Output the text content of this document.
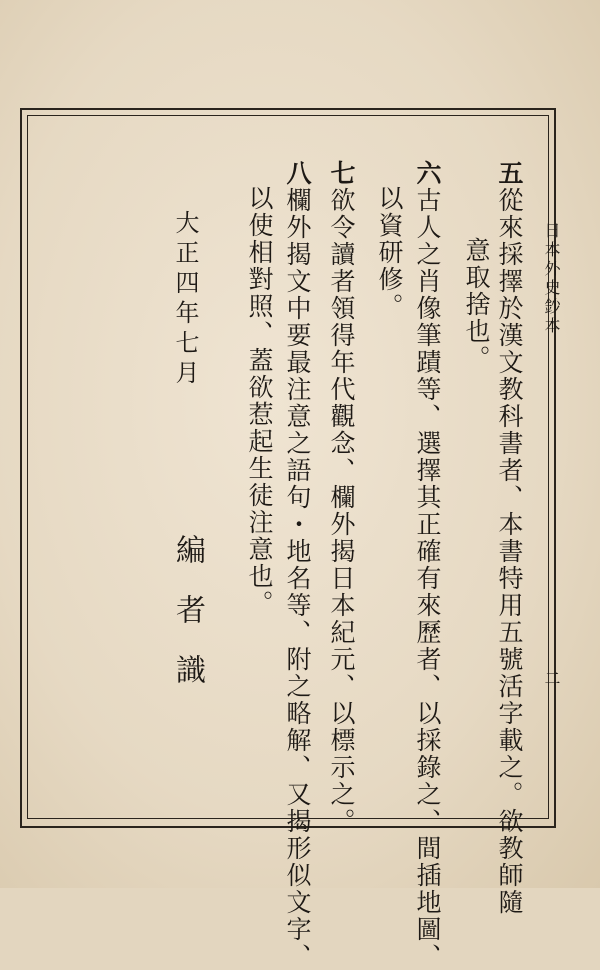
日本外史鈔本
二
五從來採擇於漢文教科書者、本書特用五號活字載之。欲教師隨
意取捨也。
六古人之肖像筆蹟等、選擇其正確有來歷者、以採錄之、間插地圖、
以資研修。
七欲令讀者領得年代觀念、欄外揭日本紀元、以標示之。
八欄外揭文中要最注意之語句・地名等、附之略解、又揭形似文字、
以使相對照、蓋欲惹起生徒注意也。
大正四年七月
編　者　識
